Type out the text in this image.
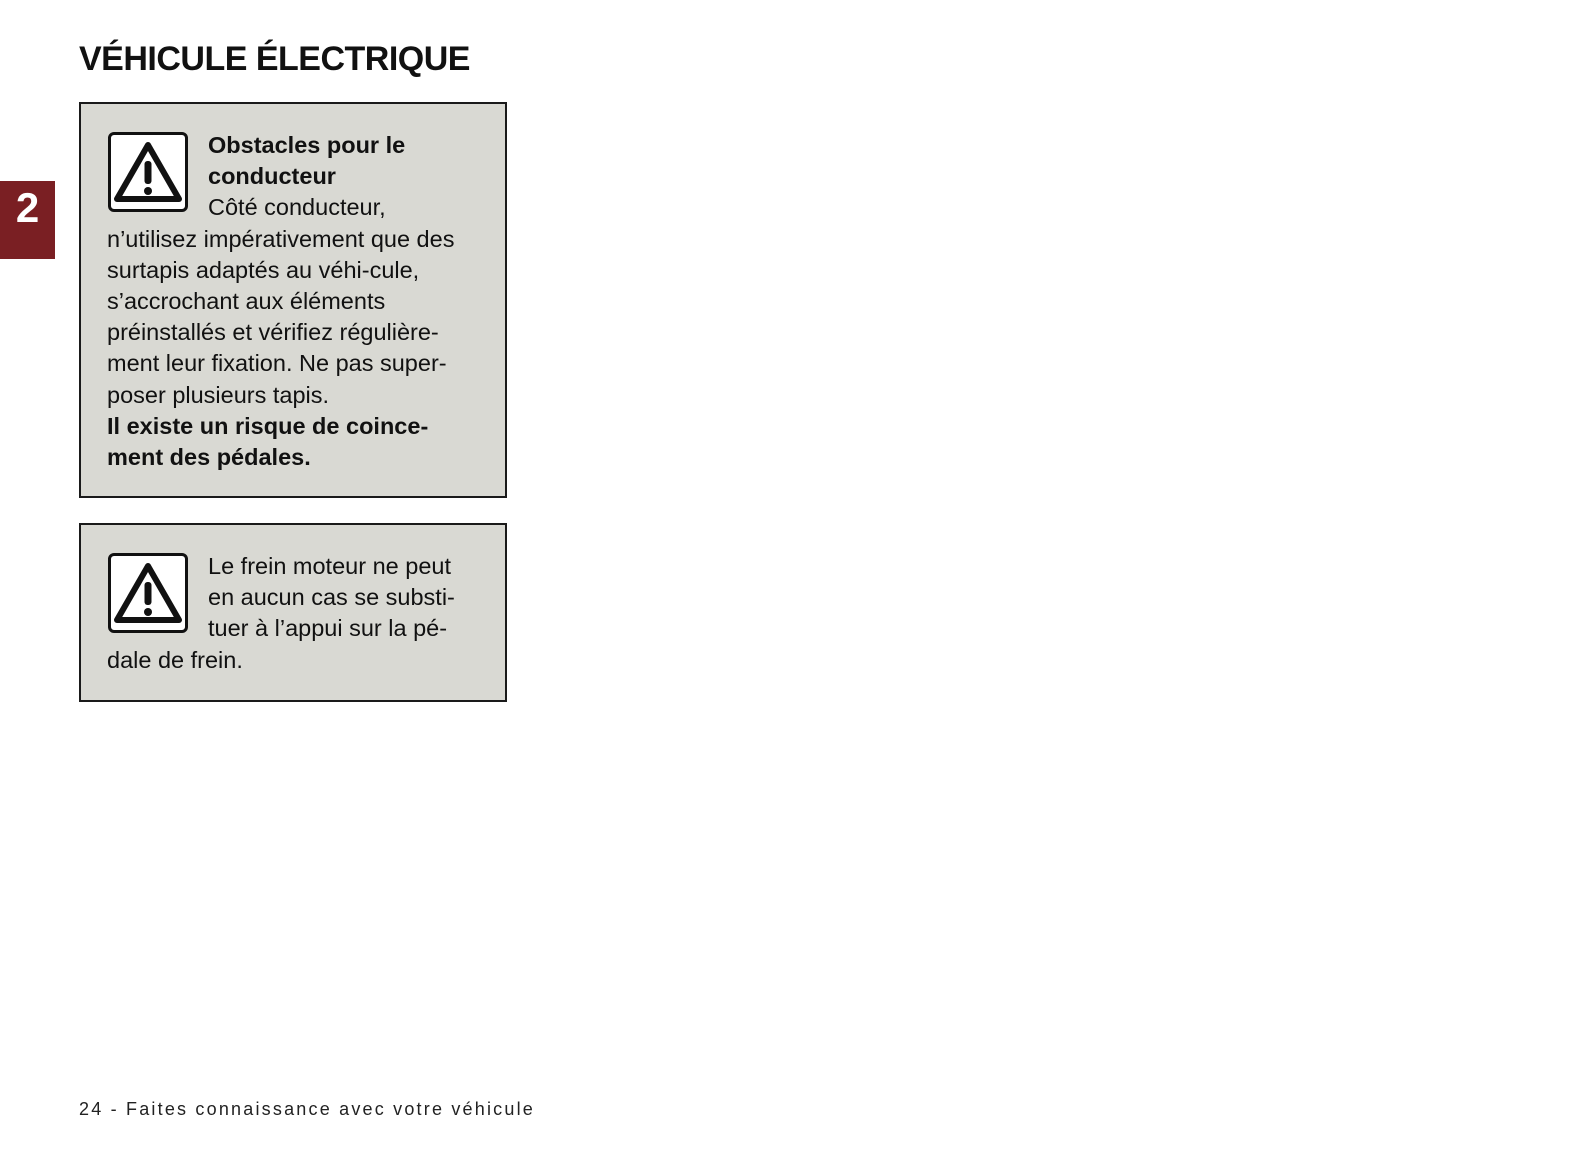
VÉHICULE ÉLECTRIQUE
2

Obstacles pour le
conducteur
Côté conducteur, n’utilisez impérativement que des surtapis adaptés au véhi-cule, s’accrochant aux éléments préinstallés et vérifiez régulière-ment leur fixation. Ne pas super-poser plusieurs tapis.

Il existe un risque de coince-ment des pédales.

Le frein moteur ne peut en aucun cas se substi-tuer à l’appui sur la pé-dale de frein.

24 - Faites connaissance avec votre véhicule
